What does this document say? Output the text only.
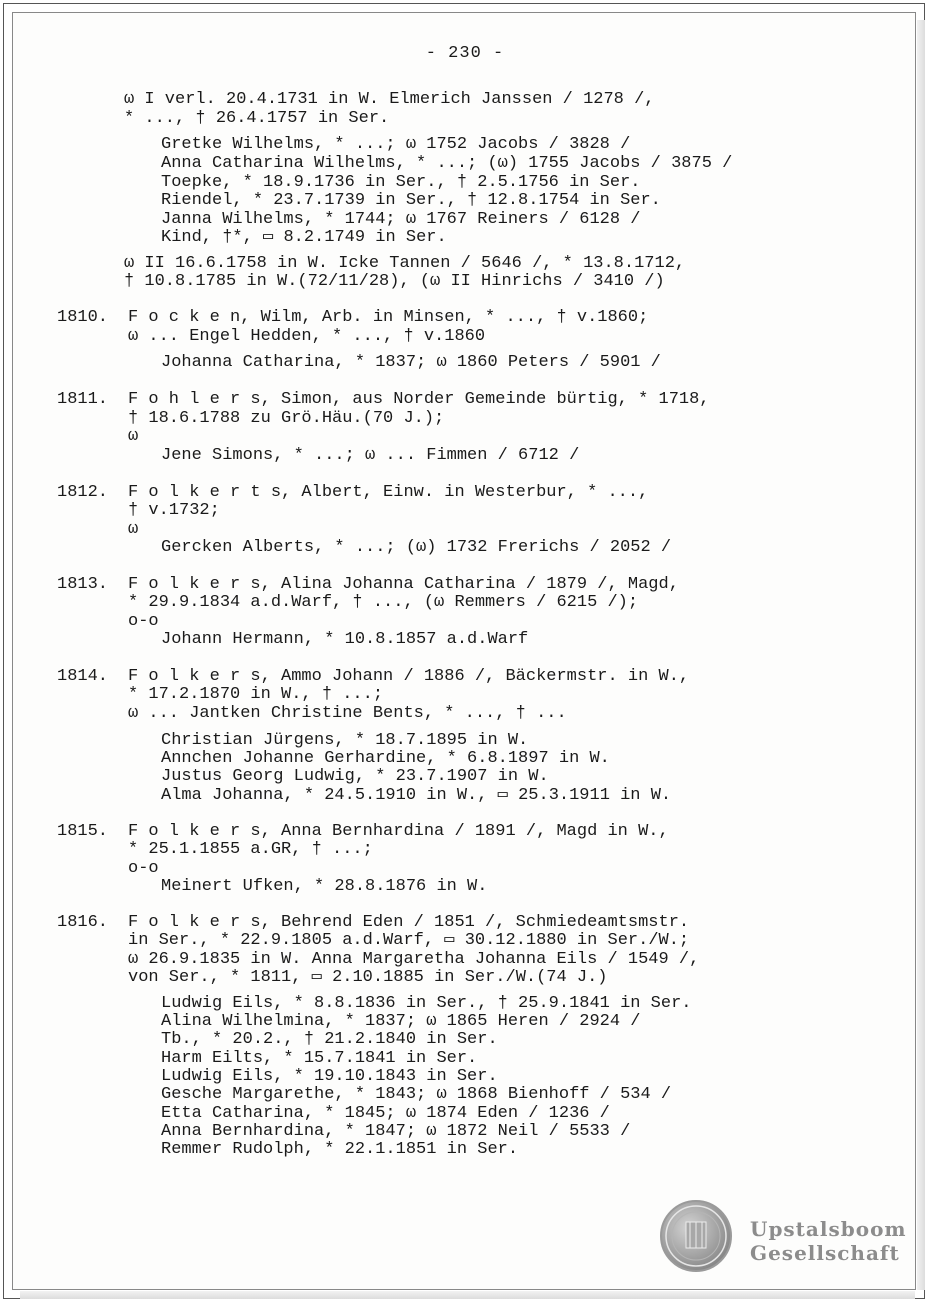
- 230 -
ω I verl. 20.4.1731 in W. Elmerich Janssen / 1278 /,
* ..., † 26.4.1757 in Ser.
Gretke Wilhelms, * ...; ω 1752 Jacobs / 3828 /
Anna Catharina Wilhelms, * ...; (ω) 1755 Jacobs / 3875 /
Toepke, * 18.9.1736 in Ser., † 2.5.1756 in Ser.
Riendel, * 23.7.1739 in Ser., † 12.8.1754 in Ser.
Janna Wilhelms, * 1744; ω 1767 Reiners / 6128 /
Kind, †*, ▭ 8.2.1749 in Ser.
ω II 16.6.1758 in W. Icke Tannen / 5646 /, * 13.8.1712,
† 10.8.1785 in W.(72/11/28), (ω II Hinrichs / 3410 /)
1810. F o c k e n, Wilm, Arb. in Minsen, * ..., † v.1860;
ω ... Engel Hedden, * ..., † v.1860
Johanna Catharina, * 1837; ω 1860 Peters / 5901 /
1811. F o h l e r s, Simon, aus Norder Gemeinde bürtig, * 1718,
† 18.6.1788 zu Grö.Häu.(70 J.);
ω
Jene Simons, * ...; ω ... Fimmen / 6712 /
1812. F o l k e r t s, Albert, Einw. in Westerbur, * ...,
† v.1732;
ω
Gercken Alberts, * ...; (ω) 1732 Frerichs / 2052 /
1813. F o l k e r s, Alina Johanna Catharina / 1879 /, Magd,
* 29.9.1834 a.d.Warf, † ..., (ω Remmers / 6215 /);
o-o
Johann Hermann, * 10.8.1857 a.d.Warf
1814. F o l k e r s, Ammo Johann / 1886 /, Bäckermstr. in W.,
* 17.2.1870 in W., † ...;
ω ... Jantken Christine Bents, * ..., † ...
Christian Jürgens, * 18.7.1895 in W.
Annchen Johanne Gerhardine, * 6.8.1897 in W.
Justus Georg Ludwig, * 23.7.1907 in W.
Alma Johanna, * 24.5.1910 in W., ▭ 25.3.1911 in W.
1815. F o l k e r s, Anna Bernhardina / 1891 /, Magd in W.,
* 25.1.1855 a.GR, † ...;
o-o
Meinert Ufken, * 28.8.1876 in W.
1816. F o l k e r s, Behrend Eden / 1851 /, Schmiedeamtsmstr.
in Ser., * 22.9.1805 a.d.Warf, ▭ 30.12.1880 in Ser./W.;
ω 26.9.1835 in W. Anna Margaretha Johanna Eils / 1549 /,
von Ser., * 1811, ▭ 2.10.1885 in Ser./W.(74 J.)
Ludwig Eils, * 8.8.1836 in Ser., † 25.9.1841 in Ser.
Alina Wilhelmina, * 1837; ω 1865 Heren / 2924 /
Tb., * 20.2., † 21.2.1840 in Ser.
Harm Eilts, * 15.7.1841 in Ser.
Ludwig Eils, * 19.10.1843 in Ser.
Gesche Margarethe, * 1843; ω 1868 Bienhoff / 534 /
Etta Catharina, * 1845; ω 1874 Eden / 1236 /
Anna Bernhardina, * 1847; ω 1872 Neil / 5533 /
Remmer Rudolph, * 22.1.1851 in Ser.
Upstalsboom
Gesellschaft
